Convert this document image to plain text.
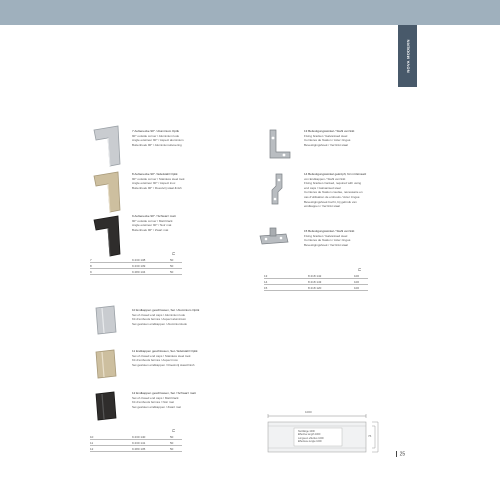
NOVA MODERN
7 Außenecke 90° / Aluminium Optik
90° outside corner / Aluminium look
Angle extérieur 90° / Aspect aluminium
Buitenhoek 90° / Aluminiumuitvoering
8 Außenecke 90° / Edelstahl Optik
90° outside corner / Stainless steel look
Angle extérieur 90° / Aspect inox
Buitenhoek 90° / Roestvrij staal-finish
9 Außenecke 90° / Schwarz matt
90° outside corner / Matt black
Angle extérieur 90° / Noir mat
Buitenhoek 90° / Zwart mat
13 Befestigungswinkel / Stahl verzinkt
Fixing bracket / Galvanised steel
Cornières de fixation / Acier zingué
Bevestigingshoek / Verzinkt staal
14 Befestigungswinkel gekröpft, für mit Einsatz
von Endkappen / Stahl verzinkt
Fixing bracket cranked, required with using
end caps / Galvanised steel
Cornières de fixation coudée, nécessaire en
cas d'utilisation de embouts / Acier zingué
Bevestigingshoek bocht, bij gebruik van
eindkappen / Verzinkt staal
15 Befestigungswinkel / Stahl verzinkt
Fixing bracket / Galvanised steel
Cornières de fixation / Acier zingué
Bevestigingshoek / Verzinkt staal
10 Endkappen geschlossen, Set / Aluminium Optik
Set of closed end caps / Aluminium look
Kit d'embouts fermés / Aspect aluminium
Set gesloten eindkappen / Aluminiumlook
11 Endkappen geschlossen, Set / Edelstahl Optik
Set of closed end caps / Stainless steel look
Kit d'embouts fermés / Aspect inox
Set gesloten eindkappen / Roestvrij staal-finish
12 Endkappen geschlossen, Set / Schwarz matt
Set of closed end caps / Matt black
Kit d'embouts fermés / Noir mat
Set gesloten eindkappen / Zwart mat
⊏
7	9 230 138	50
8	9 230 139	50
9	9 280 134	50	⊏
13	8 218 142	100
14	8 218 143	100
15	8 218 120	100
⊏
10	9 230 140	50
11	9 230 141	50
12	9 280 135	50
1000
76
Nutzlänge 1000
Effective length 1000
Longueur effective 1000
Effectieve lengte 1000
25
